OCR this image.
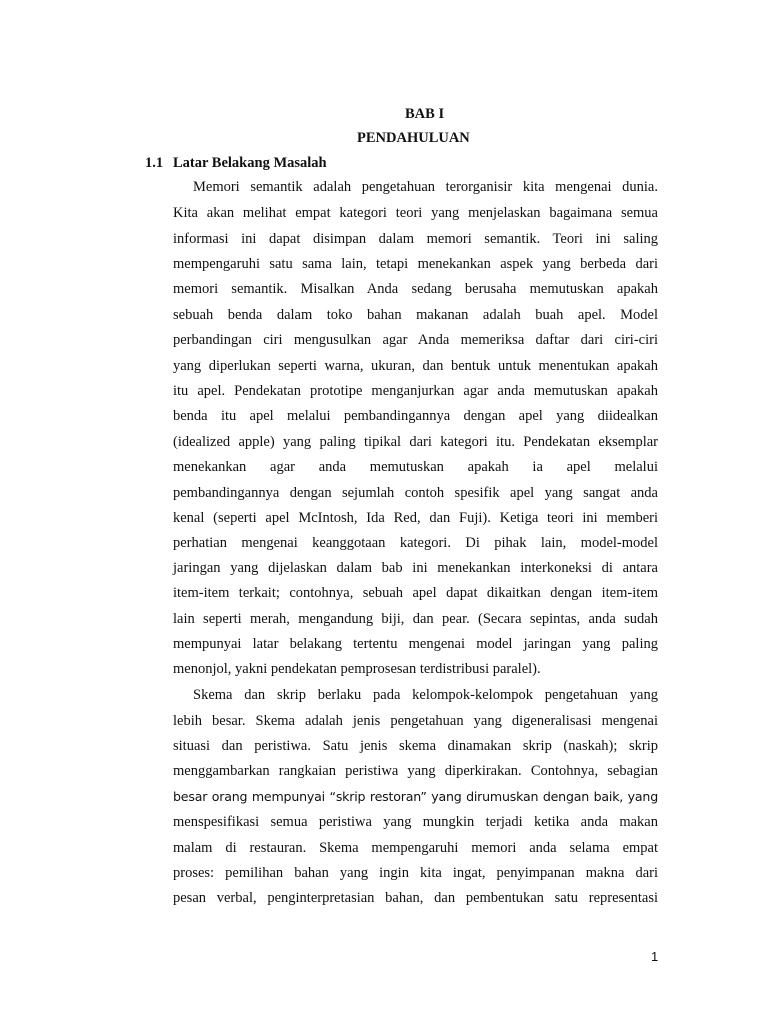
BAB I
PENDAHULUAN
1.1 Latar Belakang Masalah
Memori semantik adalah pengetahuan terorganisir kita mengenai dunia.
Kita akan melihat empat kategori teori yang menjelaskan bagaimana semua
informasi ini dapat disimpan dalam memori semantik. Teori ini saling
mempengaruhi satu sama lain, tetapi menekankan aspek yang berbeda dari
memori semantik. Misalkan Anda sedang berusaha memutuskan apakah
sebuah benda dalam toko bahan makanan adalah buah apel. Model
perbandingan ciri mengusulkan agar Anda memeriksa daftar dari ciri-ciri
yang diperlukan seperti warna, ukuran, dan bentuk untuk menentukan apakah
itu apel. Pendekatan prototipe menganjurkan agar anda memutuskan apakah
benda itu apel melalui pembandingannya dengan apel yang diidealkan
(idealized apple) yang paling tipikal dari kategori itu. Pendekatan eksemplar
menekankan agar anda memutuskan apakah ia apel melalui
pembandingannya dengan sejumlah contoh spesifik apel yang sangat anda
kenal (seperti apel McIntosh, Ida Red, dan Fuji). Ketiga teori ini memberi
perhatian mengenai keanggotaan kategori. Di pihak lain, model-model
jaringan yang dijelaskan dalam bab ini menekankan interkoneksi di antara
item-item terkait; contohnya, sebuah apel dapat dikaitkan dengan item-item
lain seperti merah, mengandung biji, dan pear. (Secara sepintas, anda sudah
mempunyai latar belakang tertentu mengenai model jaringan yang paling
menonjol, yakni pendekatan pemprosesan terdistribusi paralel).
Skema dan skrip berlaku pada kelompok-kelompok pengetahuan yang
lebih besar. Skema adalah jenis pengetahuan yang digeneralisasi mengenai
situasi dan peristiwa. Satu jenis skema dinamakan skrip (naskah); skrip
menggambarkan rangkaian peristiwa yang diperkirakan. Contohnya, sebagian
besar orang mempunyai “skrip restoran” yang dirumuskan dengan baik, yang
menspesifikasi semua peristiwa yang mungkin terjadi ketika anda makan
malam di restauran. Skema mempengaruhi memori anda selama empat
proses: pemilihan bahan yang ingin kita ingat, penyimpanan makna dari
pesan verbal, penginterpretasian bahan, dan pembentukan satu representasi
1
